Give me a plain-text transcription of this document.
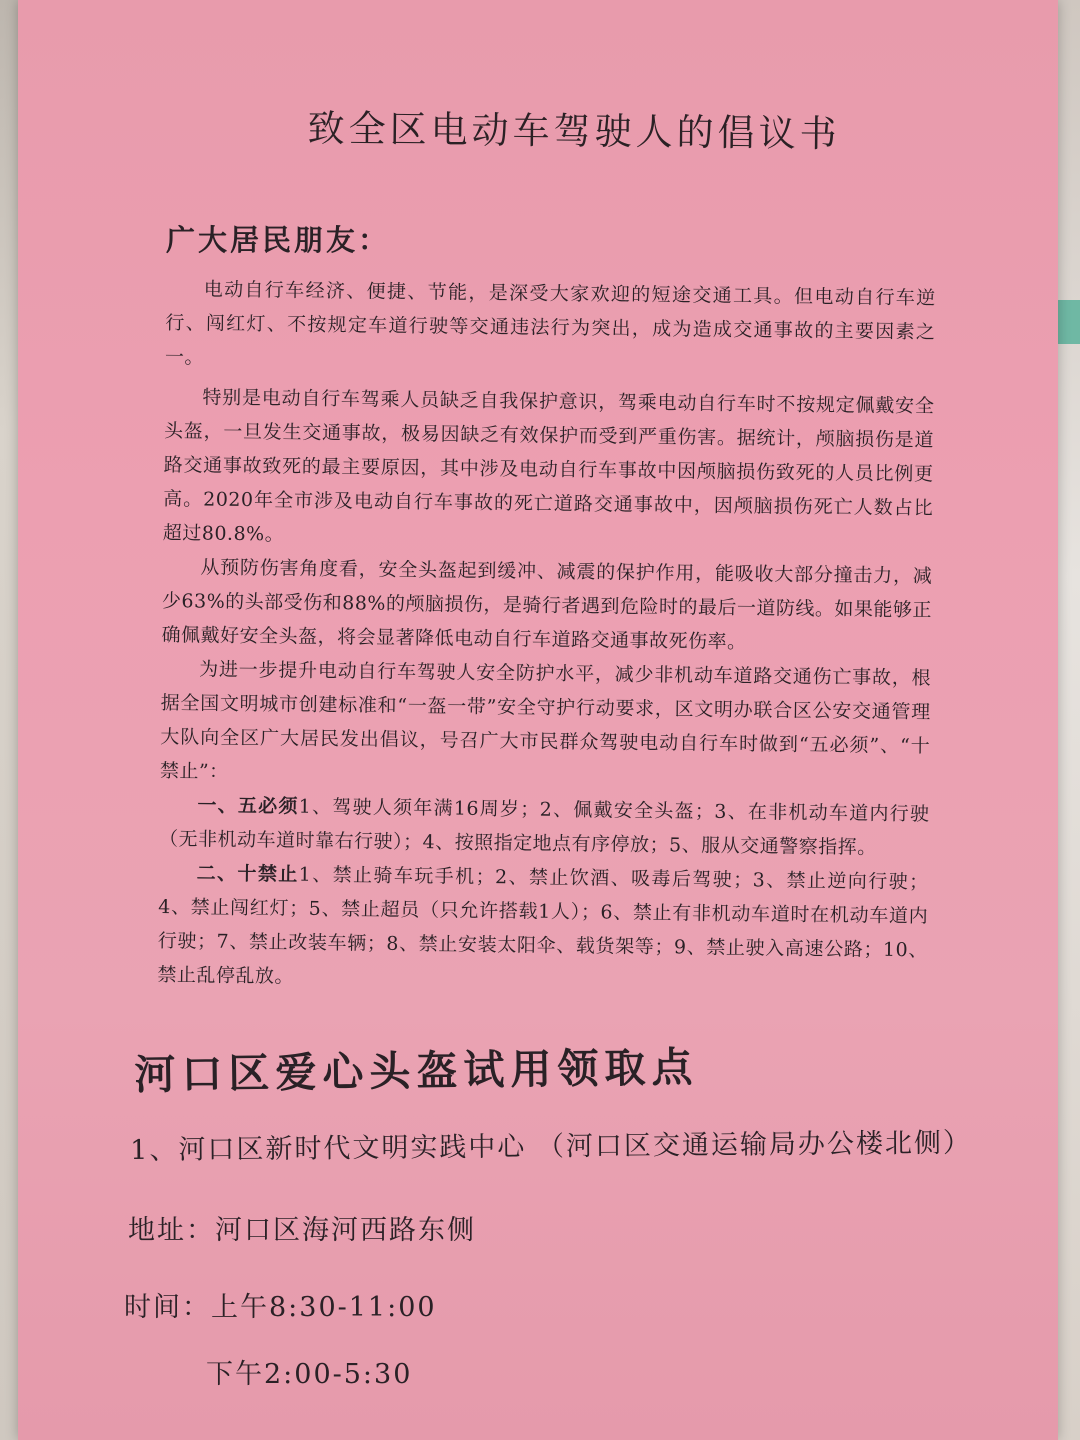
致全区电动车驾驶人的倡议书
广大居民朋友：

电动自行车经济、便捷、节能，是深受大家欢迎的短途交通工具。但电动自行车逆行、闯红灯、不按规定车道行驶等交通违法行为突出，成为造成交通事故的主要因素之一。

特别是电动自行车驾乘人员缺乏自我保护意识，驾乘电动自行车时不按规定佩戴安全头盔，一旦发生交通事故，极易因缺乏有效保护而受到严重伤害。据统计，颅脑损伤是道路交通事故致死的最主要原因，其中涉及电动自行车事故中因颅脑损伤致死的人员比例更高。2020年全市涉及电动自行车事故的死亡道路交通事故中，因颅脑损伤死亡人数占比超过80.8%。

从预防伤害角度看，安全头盔起到缓冲、减震的保护作用，能吸收大部分撞击力，减少63%的头部受伤和88%的颅脑损伤，是骑行者遇到危险时的最后一道防线。如果能够正确佩戴好安全头盔，将会显著降低电动自行车道路交通事故死伤率。

为进一步提升电动自行车驾驶人安全防护水平，减少非机动车道路交通伤亡事故，根据全国文明城市创建标准和“一盔一带”安全守护行动要求，区文明办联合区公安交通管理大队向全区广大居民发出倡议，号召广大市民群众驾驶电动自行车时做到“五必须”、“十禁止”：

一、五必须1、驾驶人须年满16周岁；2、佩戴安全头盔；3、在非机动车道内行驶（无非机动车道时靠右行驶）；4、按照指定地点有序停放；5、服从交通警察指挥。

二、十禁止1、禁止骑车玩手机；2、禁止饮酒、吸毒后驾驶；3、禁止逆向行驶；4、禁止闯红灯；5、禁止超员（只允许搭载1人）；6、禁止有非机动车道时在机动车道内行驶；7、禁止改装车辆；8、禁止安装太阳伞、载货架等；9、禁止驶入高速公路；10、禁止乱停乱放。

河口区爱心头盔试用领取点
1、河口区新时代文明实践中心 （河口区交通运输局办公楼北侧）
地址：河口区海河西路东侧
时间：上午8:30-11:00
下午2:00-5:30
